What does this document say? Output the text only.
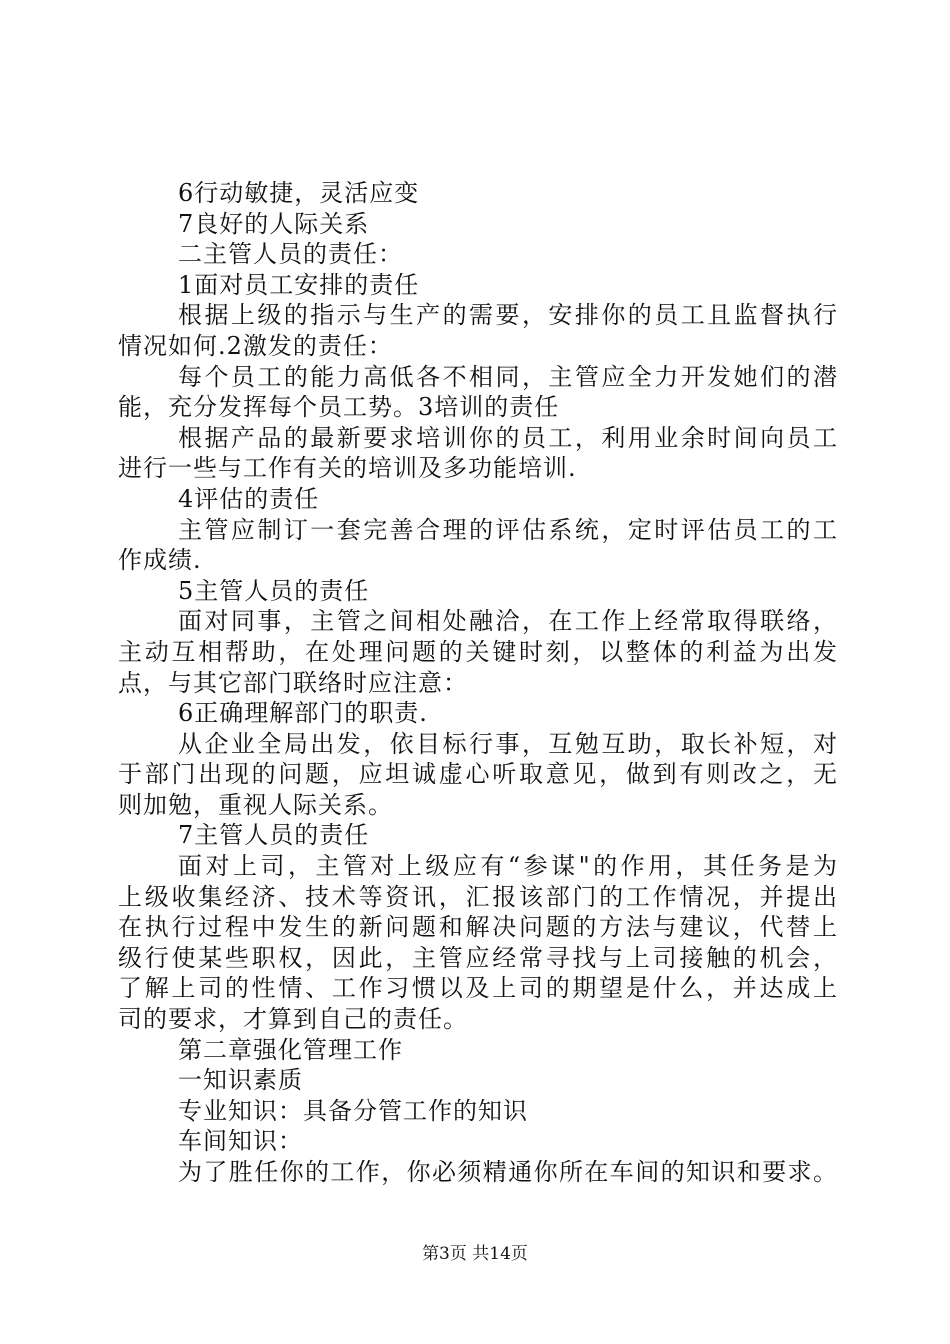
6行动敏捷，灵活应变
7良好的人际关系
二主管人员的责任：
1面对员工安排的责任
根据上级的指示与生产的需要，安排你的员工且监督执行
情况如何.2激发的责任：
每个员工的能力高低各不相同，主管应全力开发她们的潜
能，充分发挥每个员工势。3培训的责任
根据产品的最新要求培训你的员工，利用业余时间向员工
进行一些与工作有关的培训及多功能培训.
4评估的责任
主管应制订一套完善合理的评估系统，定时评估员工的工
作成绩.
5主管人员的责任
面对同事，主管之间相处融洽，在工作上经常取得联络，
主动互相帮助，在处理问题的关键时刻，以整体的利益为出发
点，与其它部门联络时应注意：
6正确理解部门的职责.
从企业全局出发，依目标行事，互勉互助，取长补短，对
于部门出现的问题，应坦诚虚心听取意见，做到有则改之，无
则加勉，重视人际关系。
7主管人员的责任
面对上司，主管对上级应有“参谋"的作用，其任务是为
上级收集经济、技术等资讯，汇报该部门的工作情况，并提出
在执行过程中发生的新问题和解决问题的方法与建议，代替上
级行使某些职权，因此，主管应经常寻找与上司接触的机会，
了解上司的性情、工作习惯以及上司的期望是什么，并达成上
司的要求，才算到自己的责任。
第二章强化管理工作
一知识素质
专业知识：具备分管工作的知识
车间知识：
为了胜任你的工作，你必须精通你所在车间的知识和要求。
第3页 共14页
